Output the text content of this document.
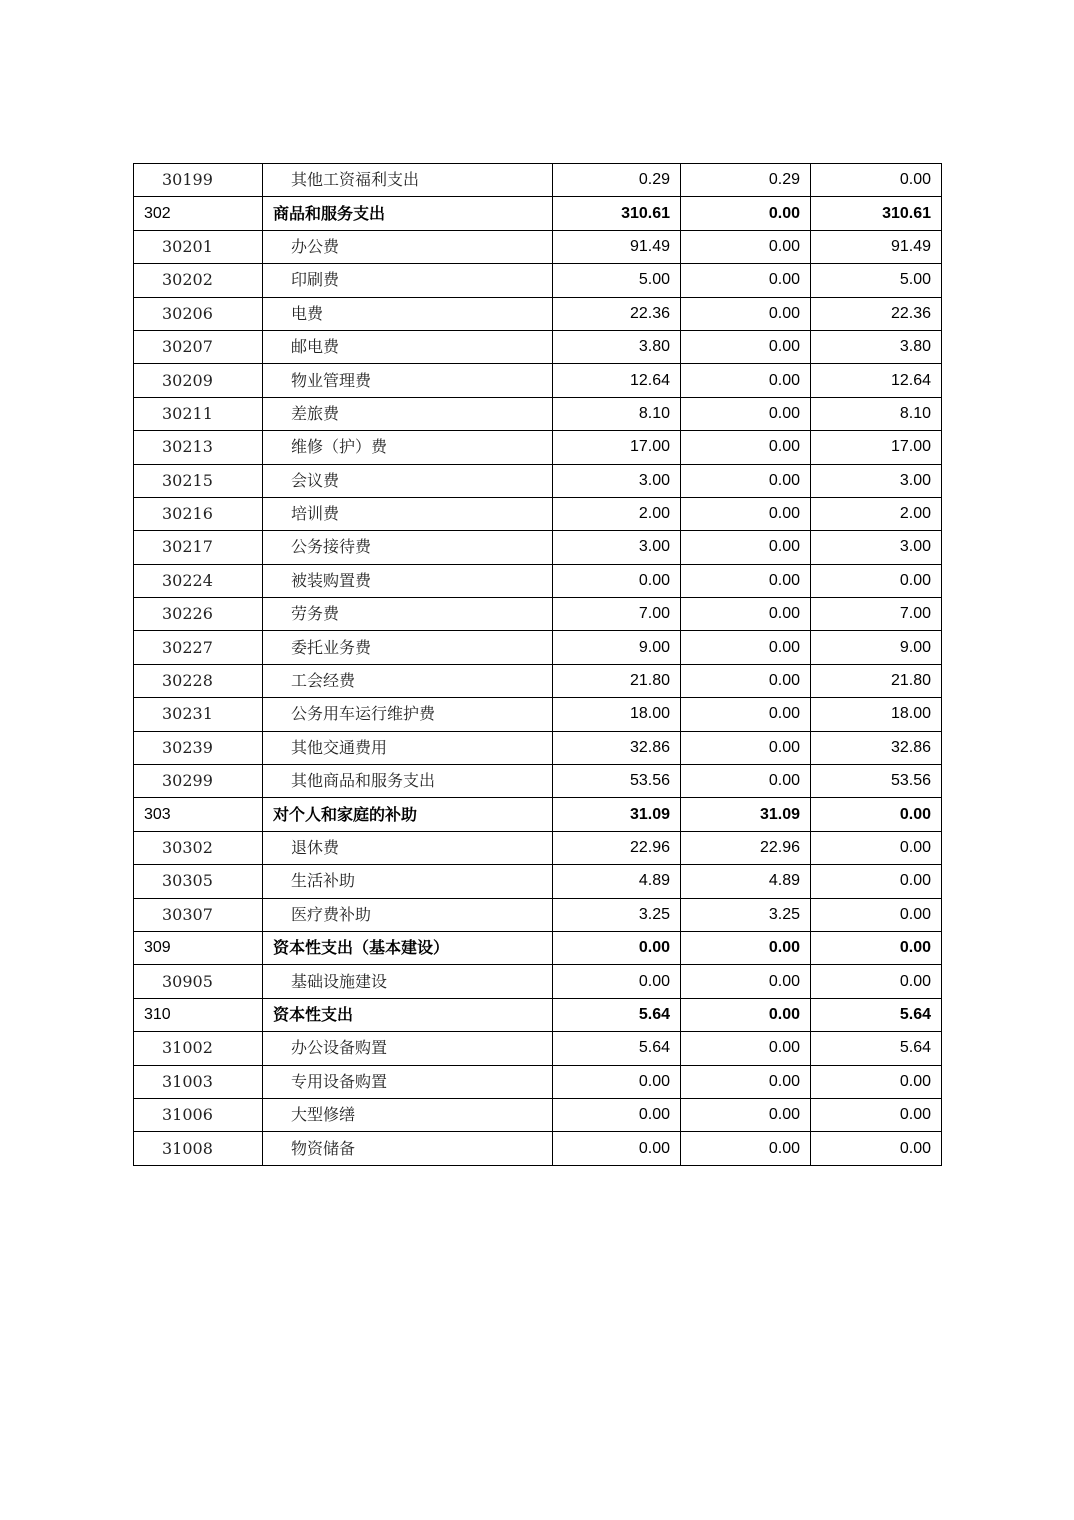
30199	其他工资福利支出	0.29	0.29	0.00
302	商品和服务支出	310.61	0.00	310.61
30201	办公费	91.49	0.00	91.49
30202	印刷费	5.00	0.00	5.00
30206	电费	22.36	0.00	22.36
30207	邮电费	3.80	0.00	3.80
30209	物业管理费	12.64	0.00	12.64
30211	差旅费	8.10	0.00	8.10
30213	维修（护）费	17.00	0.00	17.00
30215	会议费	3.00	0.00	3.00
30216	培训费	2.00	0.00	2.00
30217	公务接待费	3.00	0.00	3.00
30224	被装购置费	0.00	0.00	0.00
30226	劳务费	7.00	0.00	7.00
30227	委托业务费	9.00	0.00	9.00
30228	工会经费	21.80	0.00	21.80
30231	公务用车运行维护费	18.00	0.00	18.00
30239	其他交通费用	32.86	0.00	32.86
30299	其他商品和服务支出	53.56	0.00	53.56
303	对个人和家庭的补助	31.09	31.09	0.00
30302	退休费	22.96	22.96	0.00
30305	生活补助	4.89	4.89	0.00
30307	医疗费补助	3.25	3.25	0.00
309	资本性支出（基本建设）	0.00	0.00	0.00
30905	基础设施建设	0.00	0.00	0.00
310	资本性支出	5.64	0.00	5.64
31002	办公设备购置	5.64	0.00	5.64
31003	专用设备购置	0.00	0.00	0.00
31006	大型修缮	0.00	0.00	0.00
31008	物资储备	0.00	0.00	0.00
